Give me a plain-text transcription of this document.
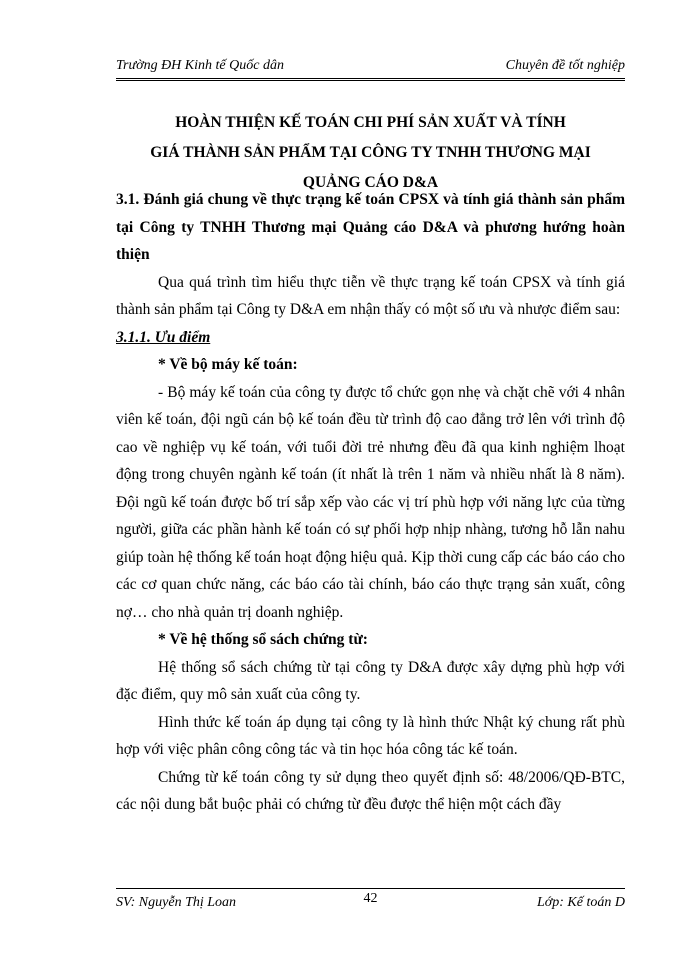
Trường ĐH Kinh tế Quốc dân	Chuyên đề tốt nghiệp
HOÀN THIỆN KẾ TOÁN CHI PHÍ SẢN XUẤT VÀ TÍNH
GIÁ THÀNH SẢN PHẨM TẠI CÔNG TY TNHH THƯƠNG MẠI
QUẢNG CÁO D&A

3.1. Đánh giá chung về thực trạng kế toán CPSX và tính giá thành sản phẩm tại Công ty TNHH Thương mại Quảng cáo D&A và phương hướng hoàn thiện

Qua quá trình tìm hiểu thực tiễn về thực trạng kế toán CPSX và tính giá thành sản phẩm tại Công ty D&A em nhận thấy có một số ưu và nhược điểm sau:

3.1.1. Ưu điểm

* Về bộ máy kế toán:

- Bộ máy kế toán của công ty được tổ chức gọn nhẹ và chặt chẽ với 4 nhân viên kế toán, đội ngũ cán bộ kế toán đều từ trình độ cao đẳng trở lên với trình độ cao về nghiệp vụ kế toán, với tuổi đời trẻ nhưng đều đã qua kinh nghiệm lhoạt động trong chuyên ngành kế toán (ít nhất là trên 1 năm và nhiều nhất là 8 năm). Đội ngũ kế toán được bố trí sắp xếp vào các vị trí phù hợp với năng lực của từng người, giữa các phần hành kế toán có sự phối hợp nhịp nhàng, tương hỗ lẫn nahu giúp toàn hệ thống kế toán hoạt động hiệu quả. Kịp thời cung cấp các báo cáo cho các cơ quan chức năng, các báo cáo tài chính, báo cáo thực trạng sản xuất, công nợ… cho nhà quản trị doanh nghiệp.

* Về hệ thống sổ sách chứng từ:

Hệ thống sổ sách chứng từ tại công ty D&A được xây dựng phù hợp với đặc điểm, quy mô sản xuất của công ty.

Hình thức kế toán áp dụng tại công ty là hình thức Nhật ký chung rất phù hợp với việc phân công công tác và tin học hóa công tác kế toán.

Chứng từ kế toán công ty sử dụng theo quyết định số: 48/2006/QĐ-BTC, các nội dung bắt buộc phải có chứng từ đều được thể hiện một cách đầy

SV: Nguyễn Thị Loan	42	Lớp: Kế toán D
